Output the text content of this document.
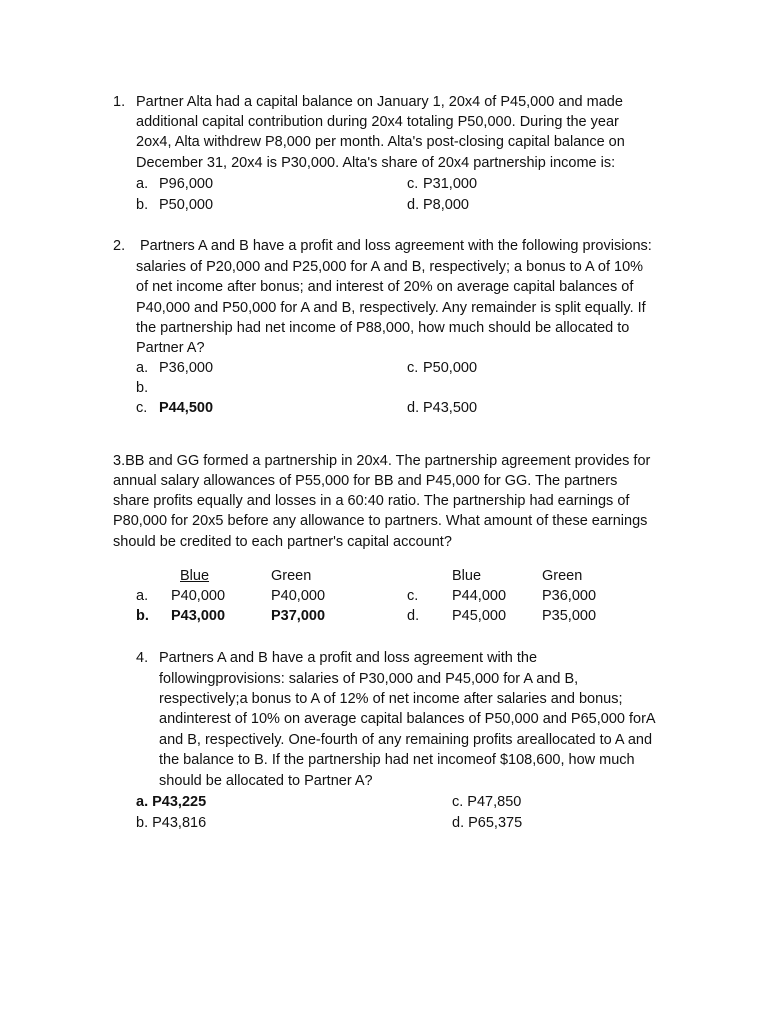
1. Partner Alta had a capital balance on January 1, 20x4 of P45,000 and made
additional capital contribution during 20x4 totaling P50,000. During the year
2ox4, Alta withdrew P8,000 per month. Alta's post-closing capital balance on
December 31, 20x4 is P30,000. Alta's share of 20x4 partnership income is:
a. P96,000	c. P31,000
b. P50,000	d. P8,000
2. Partners A and B have a profit and loss agreement with the following provisions:
salaries of P20,000 and P25,000 for A and B, respectively; a bonus to A of 10%
of net income after bonus; and interest of 20% on average capital balances of
P40,000 and P50,000 for A and B, respectively. Any remainder is split equally. If
the partnership had net income of P88,000, how much should be allocated to
Partner A?
a. P36,000	c. P50,000
b.
c. P44,500	d. P43,500
3.BB and GG formed a partnership in 20x4. The partnership agreement provides for
annual salary allowances of P55,000 for BB and P45,000 for GG. The partners
share profits equally and losses in a 60:40 ratio. The partnership had earnings of
P80,000 for 20x5 before any allowance to partners. What amount of these earnings
should be credited to each partner's capital account?
Blue	Green	Blue	Green
a. P40,000	P40,000	c. P44,000 P36,000
b. P43,000	P37,000	d. P45,000 P35,000
4. Partners A and B have a profit and loss agreement with the
followingprovisions: salaries of P30,000 and P45,000 for A and B,
respectively;a bonus to A of 12% of net income after salaries and bonus;
andinterest of 10% on average capital balances of P50,000 and P65,000 forA
and B, respectively. One-fourth of any remaining profits areallocated to A and
the balance to B. If the partnership had net incomeof $108,600, how much
should be allocated to Partner A?
a. P43,225	c. P47,850
b. P43,816	d. P65,375
